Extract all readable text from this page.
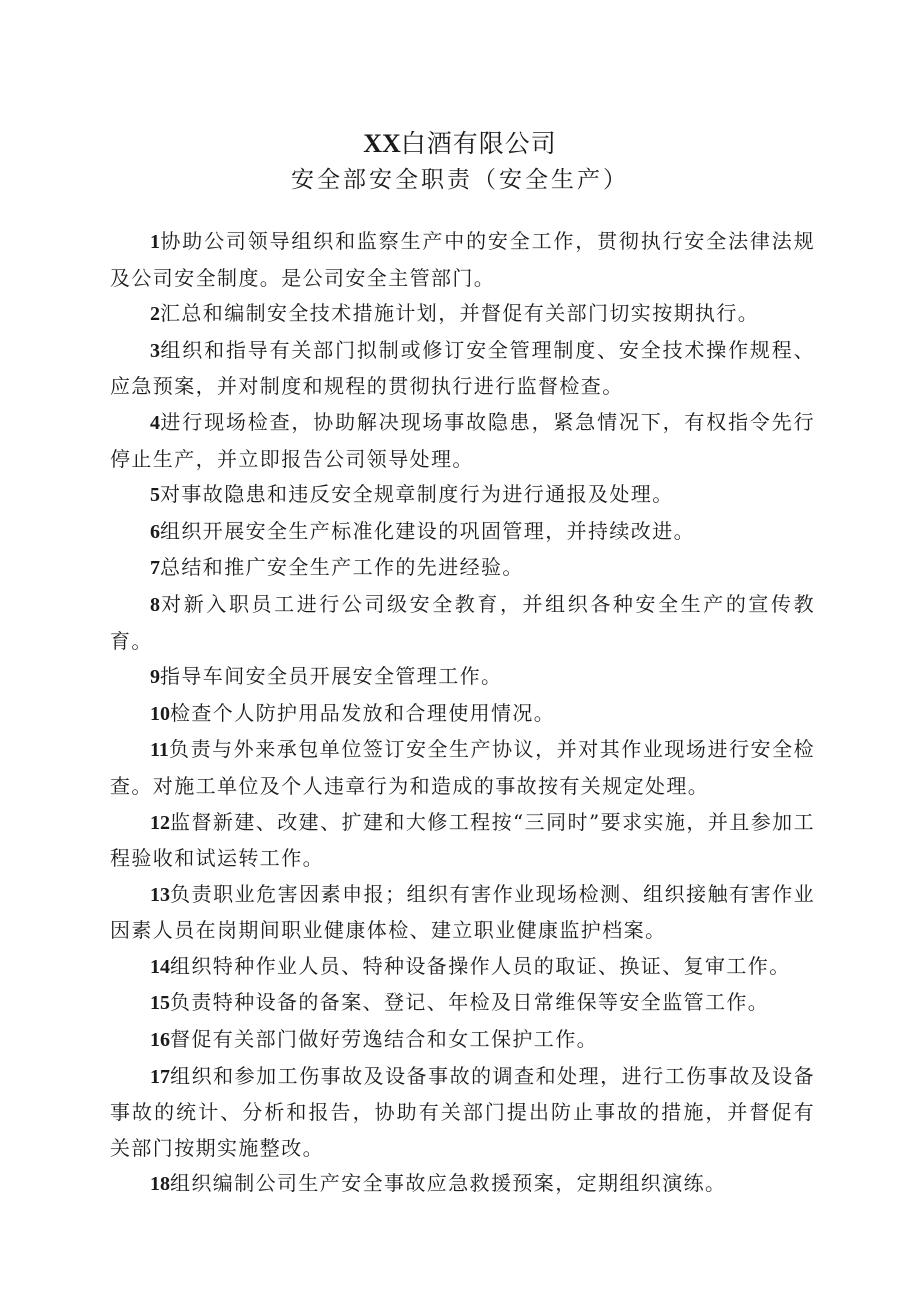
XX白酒有限公司
安全部安全职责（安全生产）

1协助公司领导组织和监察生产中的安全工作，贯彻执行安全法律法规及公司安全制度。是公司安全主管部门。

2汇总和编制安全技术措施计划，并督促有关部门切实按期执行。

3组织和指导有关部门拟制或修订安全管理制度、安全技术操作规程、应急预案，并对制度和规程的贯彻执行进行监督检查。

4进行现场检查，协助解决现场事故隐患，紧急情况下，有权指令先行停止生产，并立即报告公司领导处理。

5对事故隐患和违反安全规章制度行为进行通报及处理。

6组织开展安全生产标准化建设的巩固管理，并持续改进。

7总结和推广安全生产工作的先进经验。

8对新入职员工进行公司级安全教育，并组织各种安全生产的宣传教育。

9指导车间安全员开展安全管理工作。

10检查个人防护用品发放和合理使用情况。

11负责与外来承包单位签订安全生产协议，并对其作业现场进行安全检查。对施工单位及个人违章行为和造成的事故按有关规定处理。

12监督新建、改建、扩建和大修工程按“三同时”要求实施，并且参加工程验收和试运转工作。

13负责职业危害因素申报；组织有害作业现场检测、组织接触有害作业因素人员在岗期间职业健康体检、建立职业健康监护档案。

14组织特种作业人员、特种设备操作人员的取证、换证、复审工作。

15负责特种设备的备案、登记、年检及日常维保等安全监管工作。

16督促有关部门做好劳逸结合和女工保护工作。

17组织和参加工伤事故及设备事故的调查和处理，进行工伤事故及设备事故的统计、分析和报告，协助有关部门提出防止事故的措施，并督促有关部门按期实施整改。

18组织编制公司生产安全事故应急救援预案，定期组织演练。
